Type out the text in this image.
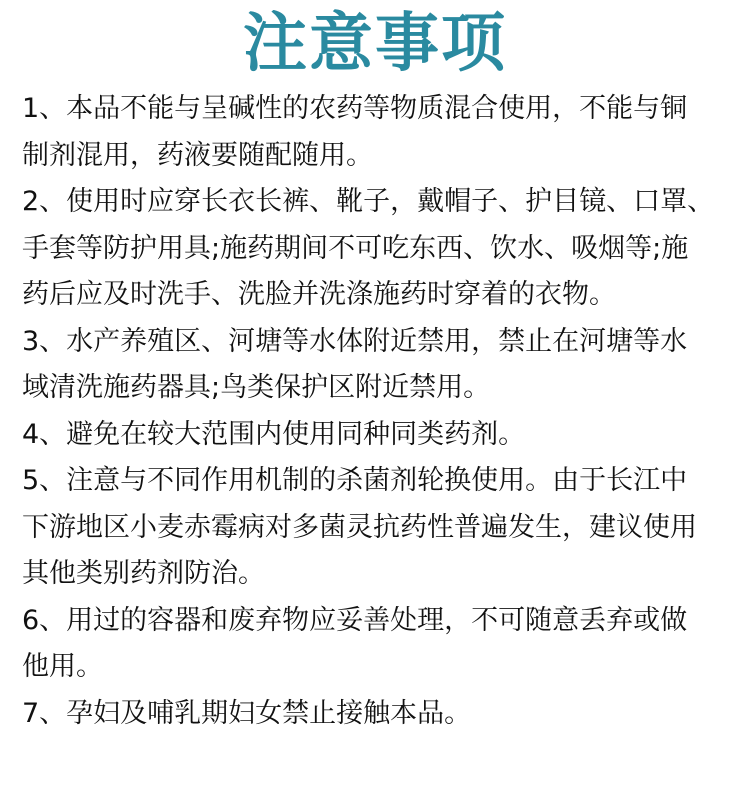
注意事项
1、本品不能与呈碱性的农药等物质混合使用，不能与铜
制剂混用，药液要随配随用。
2、使用时应穿长衣长裤、靴子，戴帽子、护目镜、口罩、
手套等防护用具;施药期间不可吃东西、饮水、吸烟等;施
药后应及时洗手、洗脸并洗涤施药时穿着的衣物。
3、水产养殖区、河塘等水体附近禁用，禁止在河塘等水
域清洗施药器具;鸟类保护区附近禁用。
4、避免在较大范围内使用同种同类药剂。
5、注意与不同作用机制的杀菌剂轮换使用。由于长江中
下游地区小麦赤霉病对多菌灵抗药性普遍发生，建议使用
其他类别药剂防治。
6、用过的容器和废弃物应妥善处理，不可随意丢弃或做
他用。
7、孕妇及哺乳期妇女禁止接触本品。
